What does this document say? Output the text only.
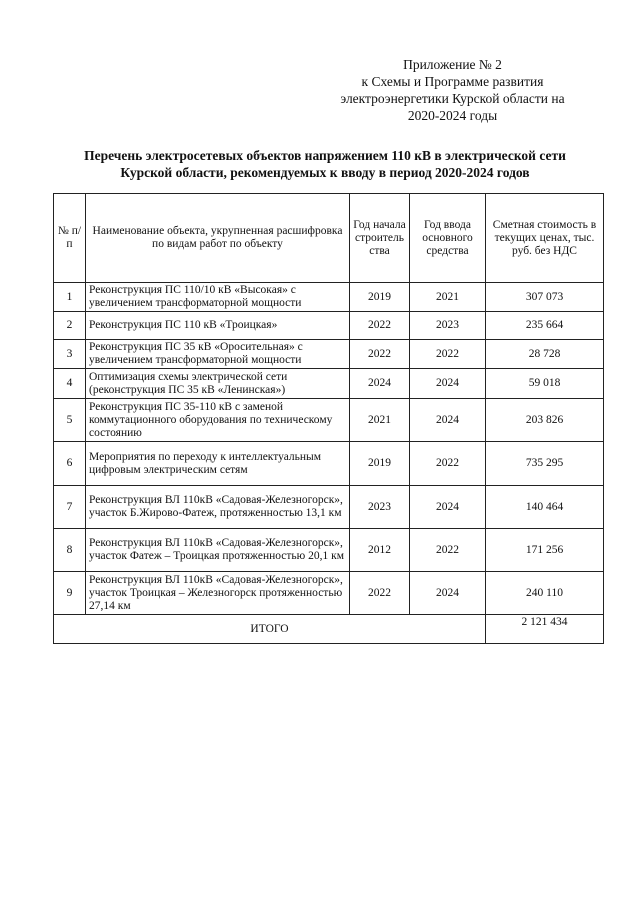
Приложение № 2
к Схемы и Программе развития
электроэнергетики Курской области на
2020-2024 годы
Перечень электросетевых объектов напряжением 110 кВ в электрической сети
Курской области, рекомендуемых к вводу в период 2020-2024 годов
№ п/п	Наименование объекта, укрупненная расшифровка по видам работ по объекту	Год начала строитель ства	Год ввода основного средства	Сметная стоимость в текущих ценах, тыс. руб. без НДС
1	Реконструкция ПС 110/10 кВ «Высокая» с увеличением трансформаторной мощности	2019	2021	307 073
2	Реконструкция ПС 110 кВ «Троицкая»	2022	2023	235 664
3	Реконструкция ПС 35 кВ «Оросительная» с увеличением трансформаторной мощности	2022	2022	28 728
4	Оптимизация схемы электрической сети (реконструкция ПС 35 кВ «Ленинская»)	2024	2024	59 018
5	Реконструкция ПС 35-110 кВ с заменой коммутационного оборудования по техническому состоянию	2021	2024	203 826
6	Мероприятия по переходу к интеллектуальным цифровым электрическим сетям	2019	2022	735 295
7	Реконструкция ВЛ 110кВ «Садовая-Железногорск», участок Б.Жирово-Фатеж, протяженностью 13,1 км	2023	2024	140 464
8	Реконструкция ВЛ 110кВ «Садовая-Железногорск», участок Фатеж – Троицкая протяженностью 20,1 км	2012	2022	171 256
9	Реконструкция ВЛ 110кВ «Садовая-Железногорск», участок Троицкая – Железногорск протяженностью 27,14 км	2022	2024	240 110
ИТОГО				2 121 434
